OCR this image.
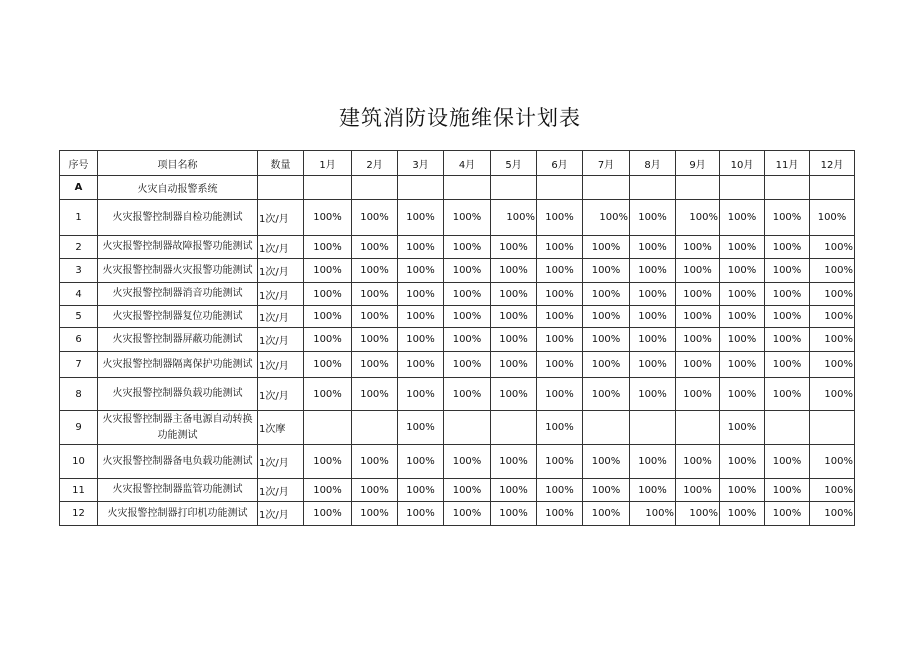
建筑消防设施维保计划表
序号	项目名称	数量	1月	2月	3月	4月	5月	6月	7月	8月	9月	10月	11月	12月
A	火灾自动报警系统													
1	火灾报警控制器自检功能测试	1次/月	100%	100%	100%	100%	100%	100%	100%	100%	100%	100%	100%	100%
2	火灾报警控制器故障报警功能测试	1次/月	100%	100%	100%	100%	100%	100%	100%	100%	100%	100%	100%	100%
3	火灾报警控制器火灾报警功能测试	1次/月	100%	100%	100%	100%	100%	100%	100%	100%	100%	100%	100%	100%
4	火灾报警控制器消音功能测试	1次/月	100%	100%	100%	100%	100%	100%	100%	100%	100%	100%	100%	100%
5	火灾报警控制器复位功能测试	1次/月	100%	100%	100%	100%	100%	100%	100%	100%	100%	100%	100%	100%
6	火灾报警控制器屏蔽功能测试	1次/月	100%	100%	100%	100%	100%	100%	100%	100%	100%	100%	100%	100%
7	火灾报警控制器隔离保护功能测试	1次/月	100%	100%	100%	100%	100%	100%	100%	100%	100%	100%	100%	100%
8	火灾报警控制器负载功能测试	1次/月	100%	100%	100%	100%	100%	100%	100%	100%	100%	100%	100%	100%
9	火灾报警控制器主备电源自动转换功能测试	1次摩			100%			100%				100%		
10	火灾报警控制器备电负载功能测试	1次/月	100%	100%	100%	100%	100%	100%	100%	100%	100%	100%	100%	100%
11	火灾报警控制器监管功能测试	1次/月	100%	100%	100%	100%	100%	100%	100%	100%	100%	100%	100%	100%
12	火灾报警控制器打印机功能测试	1次/月	100%	100%	100%	100%	100%	100%	100%	100%	100%	100%	100%	100%
